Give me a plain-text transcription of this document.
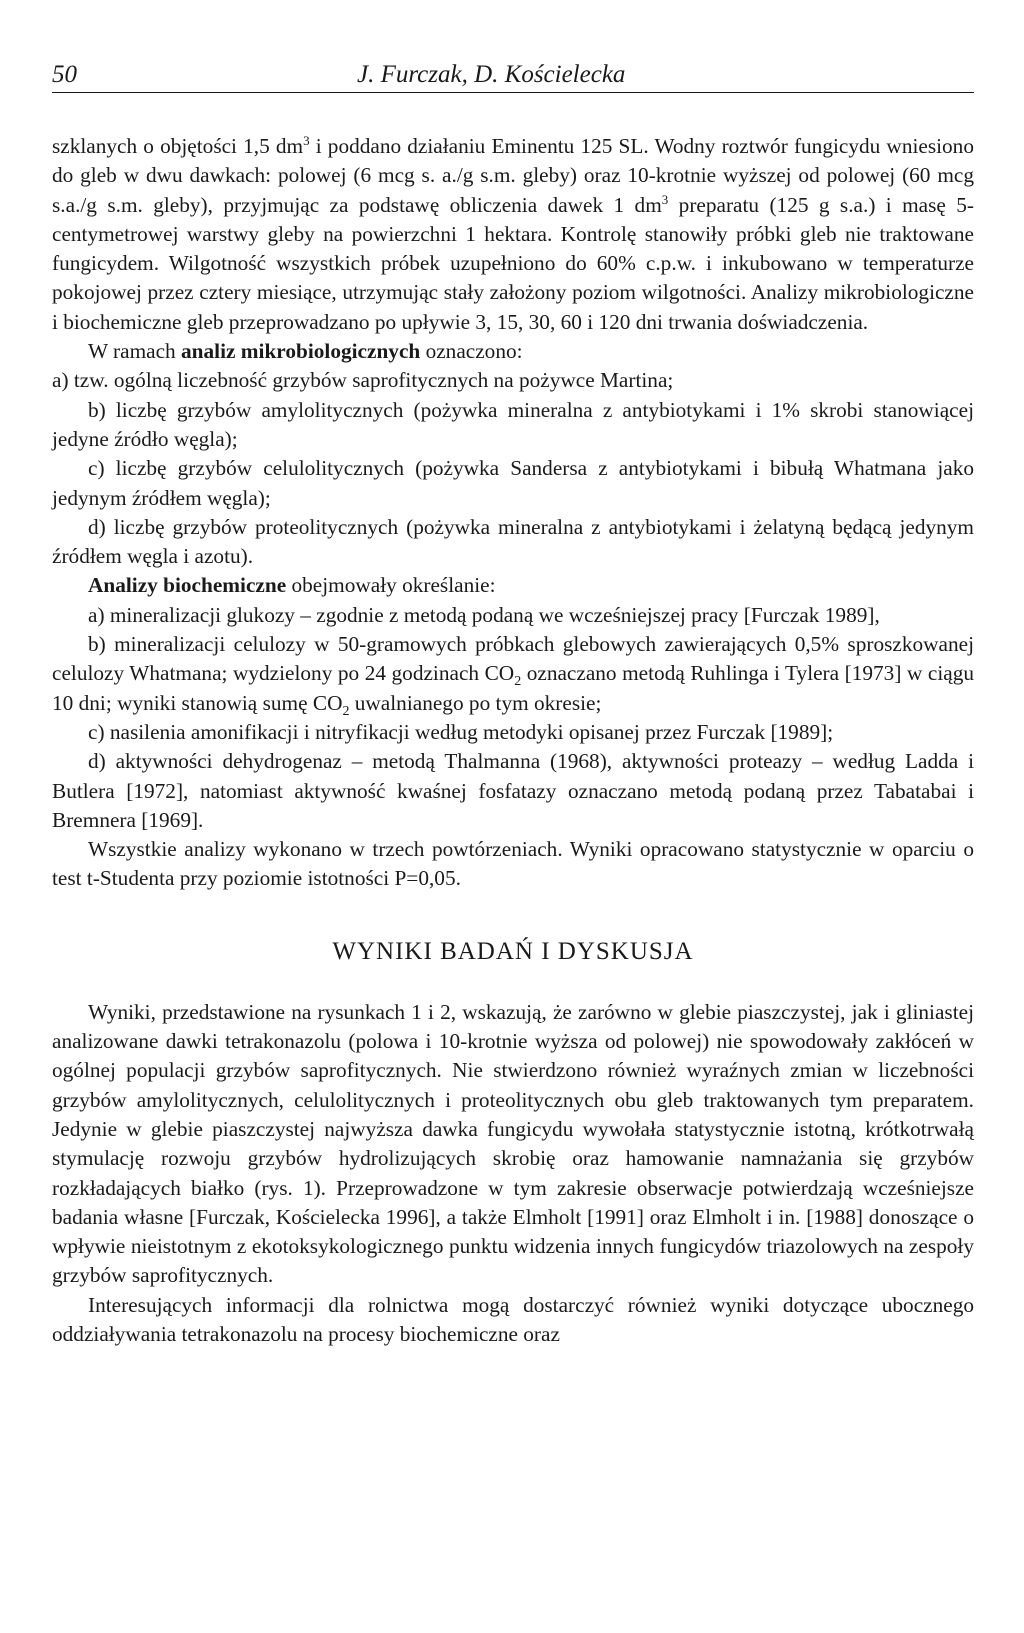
50	J. Furczak, D. Kościelecka

szklanych o objętości 1,5 $dm^3$ i poddano działaniu Eminentu 125 SL. Wodny roztwór fungicydu wniesiono do gleb w dwu dawkach: polowej (6 mcg s. a./g s.m. gleby) oraz 10-krotnie wyższej od polowej (60 mcg s.a./g s.m. gleby), przyjmując za podstawę obliczenia dawek 1 $dm^3$ preparatu (125 g s.a.) i masę 5-centymetrowej warstwy gleby na powierzchni 1 hektara. Kontrolę stanowiły próbki gleb nie traktowane fungicydem. Wilgotność wszystkich próbek uzupełniono do 60% c.p.w. i inkubowano w temperaturze pokojowej przez cztery miesiące, utrzymując stały założony poziom wilgotności. Analizy mikrobiologiczne i biochemiczne gleb przeprowadzano po upływie 3, 15, 30, 60 i 120 dni trwania doświadczenia.

W ramach analiz mikrobiologicznych oznaczono:

a) tzw. ogólną liczebność grzybów saprofitycznych na pożywce Martina;

b) liczbę grzybów amylolitycznych (pożywka mineralna z antybiotykami i 1% skrobi stanowiącej jedyne źródło węgla);

c) liczbę grzybów celulolitycznych (pożywka Sandersa z antybiotykami i bibułą Whatmana jako jedynym źródłem węgla);

d) liczbę grzybów proteolitycznych (pożywka mineralna z antybiotykami i żelatyną będącą jedynym źródłem węgla i azotu).

Analizy biochemiczne obejmowały określanie:

a) mineralizacji glukozy – zgodnie z metodą podaną we wcześniejszej pracy [Furczak 1989],

b) mineralizacji celulozy w 50-gramowych próbkach glebowych zawierających 0,5% sproszkowanej celulozy Whatmana; wydzielony po 24 godzinach $CO_2$ oznaczano metodą Ruhlinga i Tylera [1973] w ciągu 10 dni; wyniki stanowią sumę $CO_2$ uwalnianego po tym okresie;

c) nasilenia amonifikacji i nitryfikacji według metodyki opisanej przez Furczak [1989];

d) aktywności dehydrogenaz – metodą Thalmanna (1968), aktywności proteazy – według Ladda i Butlera [1972], natomiast aktywność kwaśnej fosfatazy oznaczano metodą podaną przez Tabatabai i Bremnera [1969].

Wszystkie analizy wykonano w trzech powtórzeniach. Wyniki opracowano statystycznie w oparciu o test t-Studenta przy poziomie istotności P=0,05.

WYNIKI BADAŃ I DYSKUSJA

Wyniki, przedstawione na rysunkach 1 i 2, wskazują, że zarówno w glebie piaszczystej, jak i gliniastej analizowane dawki tetrakonazolu (polowa i 10-krotnie wyższa od polowej) nie spowodowały zakłóceń w ogólnej populacji grzybów saprofitycznych. Nie stwierdzono również wyraźnych zmian w liczebności grzybów amylolitycznych, celulolitycznych i proteolitycznych obu gleb traktowanych tym preparatem. Jedynie w glebie piaszczystej najwyższa dawka fungicydu wywołała statystycznie istotną, krótkotrwałą stymulację rozwoju grzybów hydrolizujących skrobię oraz hamowanie namnażania się grzybów rozkładających białko (rys. 1). Przeprowadzone w tym zakresie obserwacje potwierdzają wcześniejsze badania własne [Furczak, Kościelecka 1996], a także Elmholt [1991] oraz Elmholt i in. [1988] donoszące o wpływie nieistotnym z ekotoksykologicznego punktu widzenia innych fungicydów triazolowych na zespoły grzybów saprofitycznych.

Interesujących informacji dla rolnictwa mogą dostarczyć również wyniki dotyczące ubocznego oddziaływania tetrakonazolu na procesy biochemiczne oraz
